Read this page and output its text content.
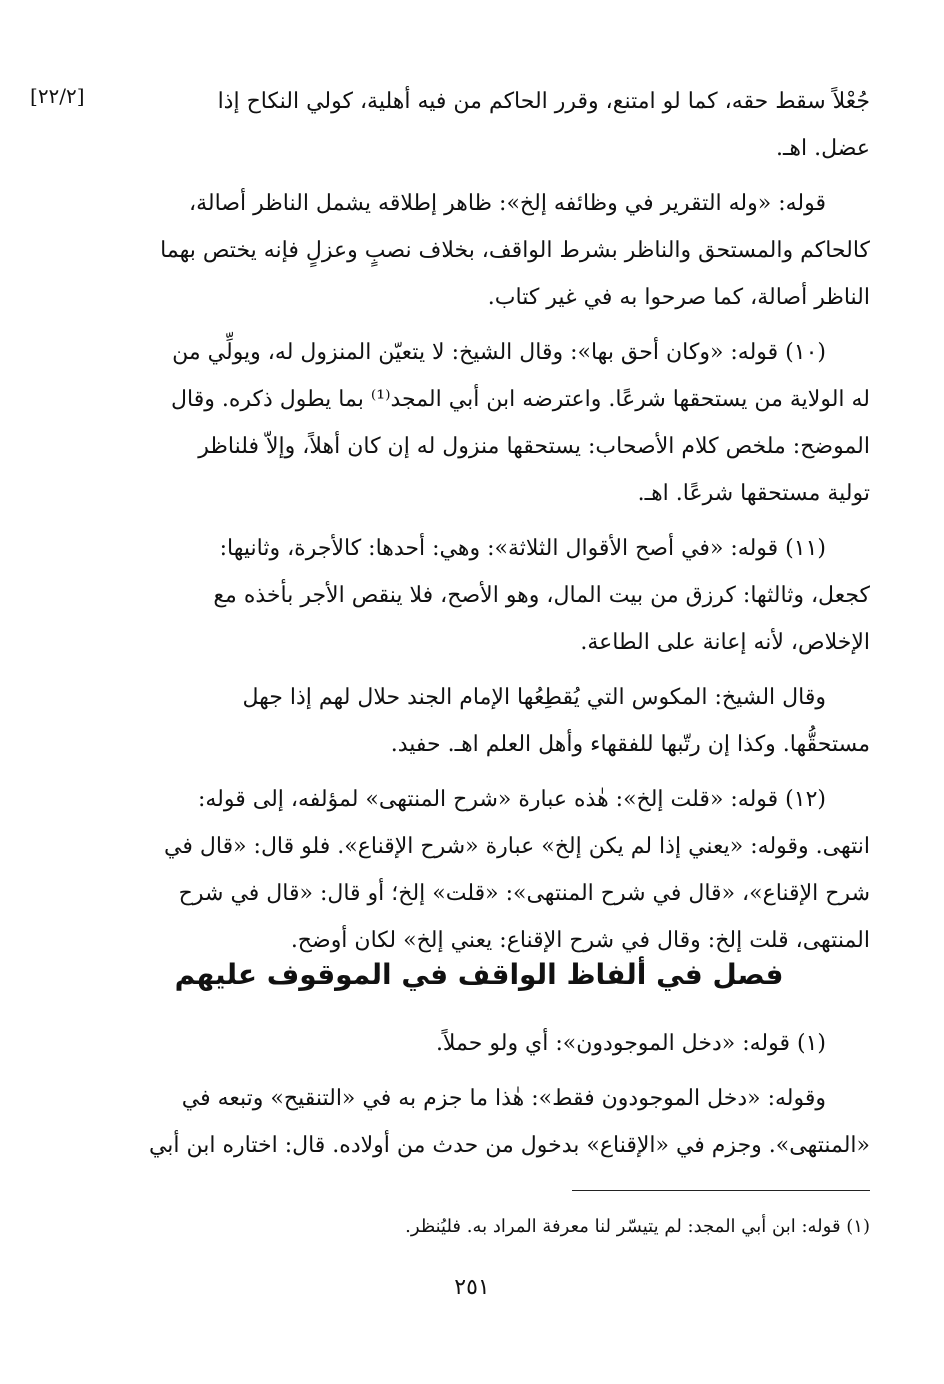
[٢٢/٢]	جُعْلاً سقط حقه، كما لو امتنع، وقرر الحاكم من فيه أهلية، كولي النكاح إذا
عضل. اهـ.
قوله: «وله التقرير في وظائفه إلخ»: ظاهر إطلاقه يشمل الناظر أصالة،
كالحاكم والمستحق والناظر بشرط الواقف، بخلاف نصبٍ وعزلٍ فإنه يختص بهما
الناظر أصالة، كما صرحوا به في غير كتاب.
(١٠) قوله: «وكان أحق بها»: وقال الشيخ: لا يتعيّن المنزول له، ويولِّي من
له الولاية من يستحقها شرعًا. واعترضه ابن أبي المجد⁽¹⁾ بما يطول ذكره. وقال
الموضح: ملخص كلام الأصحاب: يستحقها منزول له إن كان أهلاً، وإلاّ فلناظر
تولية مستحقها شرعًا. اهـ.
(١١) قوله: «في أصح الأقوال الثلاثة»: وهي: أحدها: كالأجرة، وثانيها:
كجعل، وثالثها: كرزق من بيت المال، وهو الأصح، فلا ينقص الأجر بأخذه مع
الإخلاص، لأنه إعانة على الطاعة.
وقال الشيخ: المكوس التي يُقطِعُها الإمام الجند حلال لهم إذا جهل
مستحقُّها. وكذا إن رتّبها للفقهاء وأهل العلم اهـ. حفيد.
(١٢) قوله: «قلت إلخ»: هٰذه عبارة «شرح المنتهى» لمؤلفه، إلى قوله:
انتهى. وقوله: «يعني إذا لم يكن إلخ» عبارة «شرح الإقناع». فلو قال: «قال في
شرح الإقناع»، «قال في شرح المنتهى»: «قلت» إلخ؛ أو قال: «قال في شرح
المنتهى، قلت إلخ: وقال في شرح الإقناع: يعني إلخ» لكان أوضح.
فصل في ألفاظ الواقف في الموقوف عليهم
(١) قوله: «دخل الموجودون»: أي ولو حملاً.
وقوله: «دخل الموجودون فقط»: هٰذا ما جزم به في «التنقيح» وتبعه في
«المنتهى». وجزم في «الإقناع» بدخول من حدث من أولاده. قال: اختاره ابن أبي
(١) قوله: ابن أبي المجد: لم يتيسّر لنا معرفة المراد به. فليُنظر.
٢٥١
